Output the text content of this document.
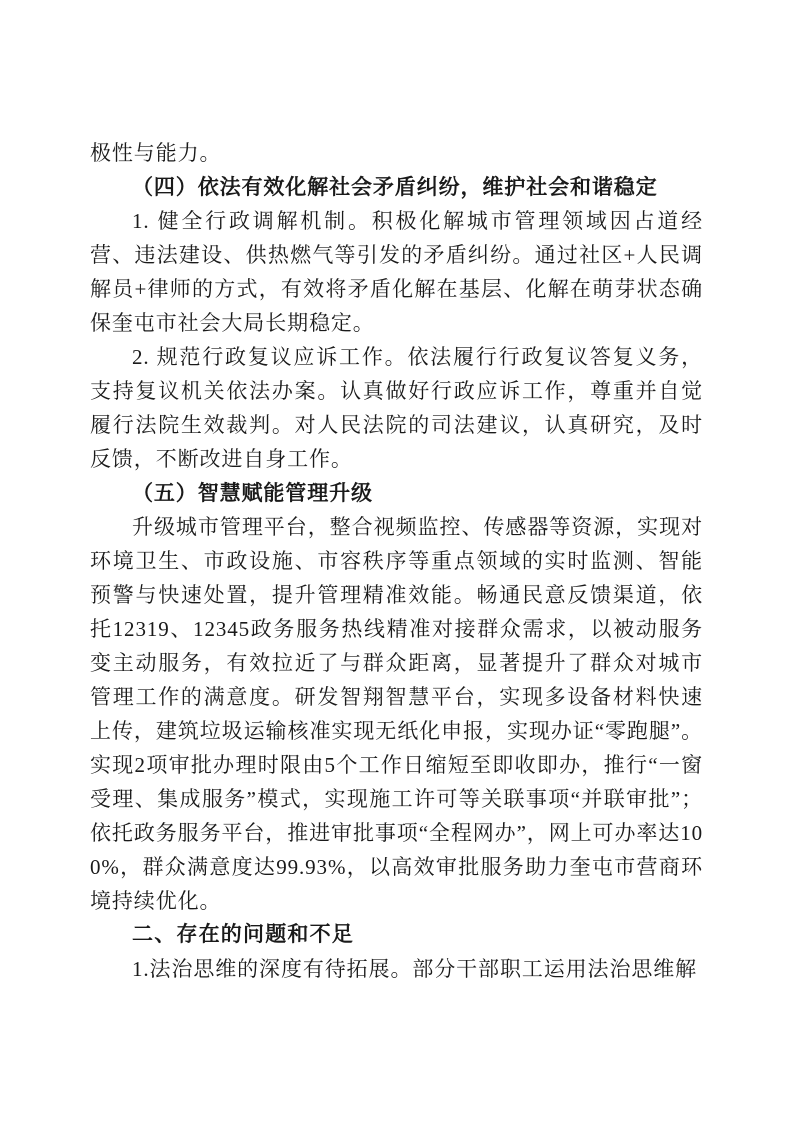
极性与能力。

（四）依法有效化解社会矛盾纠纷，维护社会和谐稳定

1. 健全行政调解机制。积极化解城市管理领域因占道经营、违法建设、供热燃气等引发的矛盾纠纷。通过社区+人民调解员+律师的方式，有效将矛盾化解在基层、化解在萌芽状态确保奎屯市社会大局长期稳定。

2. 规范行政复议应诉工作。依法履行行政复议答复义务，支持复议机关依法办案。认真做好行政应诉工作，尊重并自觉履行法院生效裁判。对人民法院的司法建议，认真研究，及时反馈，不断改进自身工作。

（五）智慧赋能管理升级

升级城市管理平台，整合视频监控、传感器等资源，实现对环境卫生、市政设施、市容秩序等重点领域的实时监测、智能预警与快速处置，提升管理精准效能。畅通民意反馈渠道，依托12319、12345政务服务热线精准对接群众需求，以被动服务变主动服务，有效拉近了与群众距离，显著提升了群众对城市管理工作的满意度。研发智翔智慧平台，实现多设备材料快速上传，建筑垃圾运输核准实现无纸化申报，实现办证“零跑腿”。实现2项审批办理时限由5个工作日缩短至即收即办，推行“一窗受理、集成服务”模式，实现施工许可等关联事项“并联审批”；依托政务服务平台，推进审批事项“全程网办”，网上可办率达100%，群众满意度达99.93%，以高效审批服务助力奎屯市营商环境持续优化。

二、存在的问题和不足

1.法治思维的深度有待拓展。部分干部职工运用法治思维解
